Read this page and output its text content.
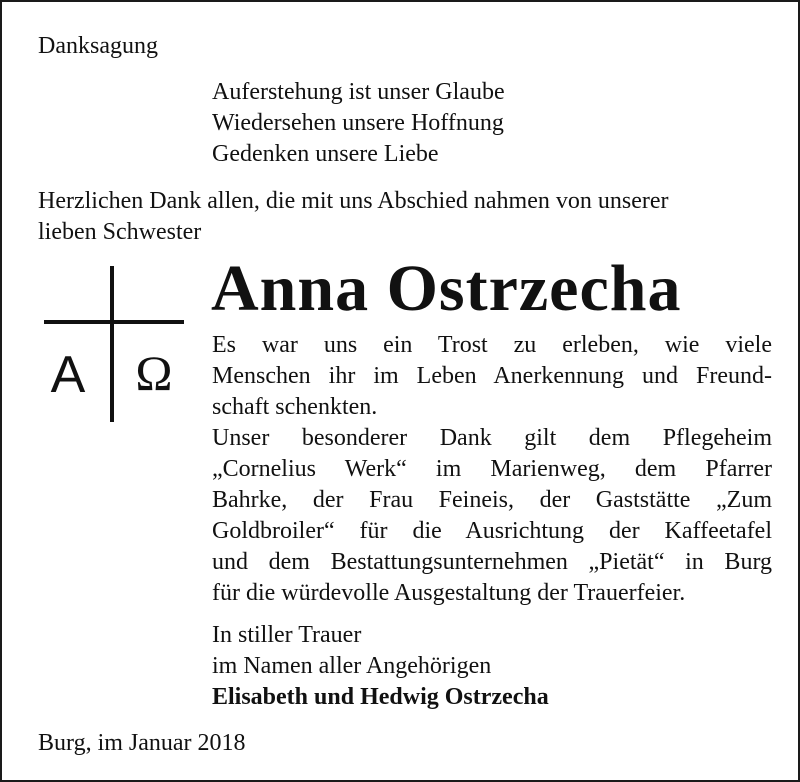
Danksagung
Auferstehung ist unser Glaube
Wiedersehen unsere Hoffnung
Gedenken unsere Liebe
Herzlichen Dank allen, die mit uns Abschied nahmen von unserer
lieben Schwester
Anna Ostrzecha
A Ω Es war uns ein Trost zu erleben, wie viele
Menschen ihr im Leben Anerkennung und Freund-
schaft schenkten.
Unser besonderer Dank gilt dem Pflegeheim
„Cornelius Werk“ im Marienweg, dem Pfarrer
Bahrke, der Frau Feineis, der Gaststätte „Zum
Goldbroiler“ für die Ausrichtung der Kaffeetafel
und dem Bestattungsunternehmen „Pietät“ in Burg
für die würdevolle Ausgestaltung der Trauerfeier.
In stiller Trauer
im Namen aller Angehörigen
Elisabeth und Hedwig Ostrzecha
Burg, im Januar 2018
